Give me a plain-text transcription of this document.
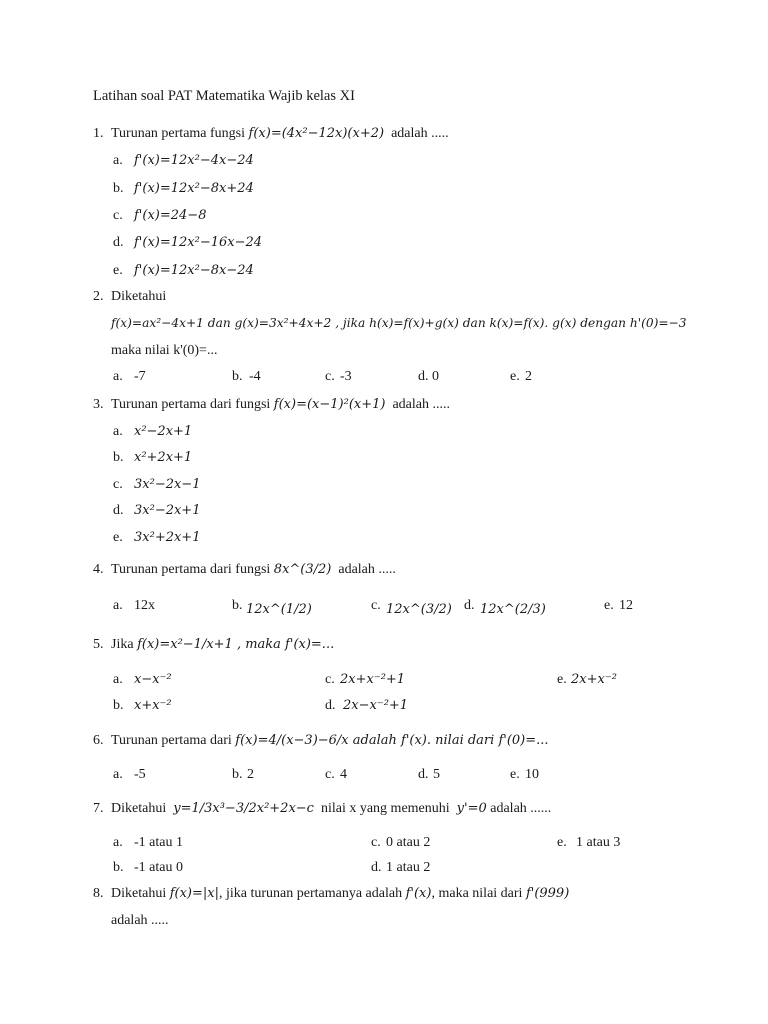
Latihan soal PAT Matematika Wajib kelas XI
1. Turunan pertama fungsi f(x)=(4x²−12x)(x+2) adalah .....
a. f'(x)=12x²−4x−24
b. f'(x)=12x²−8x+24
c. f'(x)=24−8
d. f'(x)=12x²−16x−24
e. f'(x)=12x²−8x−24
2. Diketahui
f(x)=ax²−4x+1 dan g(x)=3x²+4x+2 , jika h(x)=f(x)+g(x) dan k(x)=f(x). g(x) dengan h'(0)=−3
maka nilai k'(0)=...
a. -7	b. -4	c. -3	d. 0	e. 2
3. Turunan pertama dari fungsi f(x)=(x−1)²(x+1) adalah .....
a. x²−2x+1
b. x²+2x+1
c. 3x²−2x−1
d. 3x²−2x+1
e. 3x²+2x+1
4. Turunan pertama dari fungsi 8x^(3/2) adalah .....
a. 12x	b. 12x^(1/2)	c. 12x^(3/2) d. 12x^(2/3)	e. 12
5. Jika f(x)=x²−1/x+1 , maka f'(x)=...
a. x−x⁻²	c. 2x+x⁻²+1	e. 2x+x⁻²
b. x+x⁻²	d. 2x−x⁻²+1
6. Turunan pertama dari f(x)=4/(x−3)−6/x adalah f'(x). nilai dari f'(0)=...
a. -5	b. 2	c. 4	d. 5	e. 10
7. Diketahui y=1/3x³−3/2x²+2x−c nilai x yang memenuhi y'=0 adalah ......
a. -1 atau 1	c. 0 atau 2	e. 1 atau 3
b. -1 atau 0	d. 1 atau 2
8. Diketahui f(x)=|x|, jika turunan pertamanya adalah f'(x), maka nilai dari f'(999)
adalah .....
